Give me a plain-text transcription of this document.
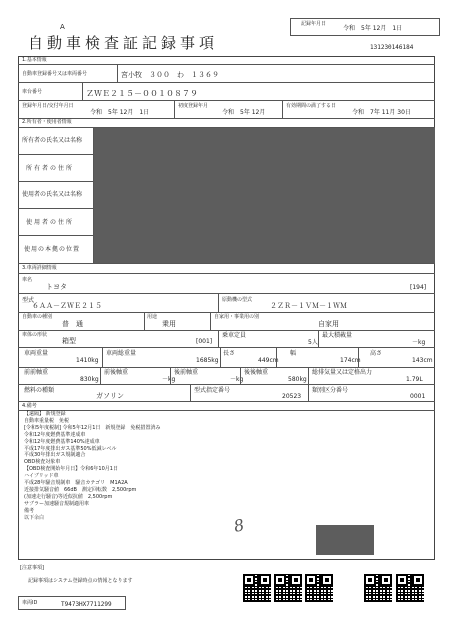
A
自動車検査証記録事項
記録年月日
令和　5年 12月　1日
131230146184
1.基本情報
自動車登録番号又は車両番号	宮小牧　３００　わ　１３６９
車台番号	ＺＷＥ２１５－００１０８７９
登録年月日/交付年月日
令和　5年 12月　1日
初度登録年月
令和　5年 12月
有効期間の満了する日
令和　7年 11月 30日
2.所有者・使用者情報
所有者の氏名又は名称
所有者の住所
使用者の氏名又は名称
使用者の住所
使用の本拠の位置
3.車両詳細情報
車名
トヨタ	[194]
型式
６ＡＡ－ＺＷＥ２１５
原動機の型式
２ＺＲ－１ＶＭ－１ＷＭ
自動車の種別
普　通
用途
乗用
自家用・事業用の別
自家用
車体の形状
箱型	[001]
乗車定員
5人
最大積載量
－kg
車両重量
1410kg
車両総重量
1685kg
長さ
449cm
幅
174cm
高さ
143cm
前前軸重
830kg
前後軸重
－kg
後前軸重
－kg
後後軸重
580kg
総排気量又は定格出力
1.79L
燃料の種類
ガソリン
型式指定番号
20523
類別区分番号
0001
4.備考
【遠隔】 新規登録
自動車重量税　免税
[令和5年度税制] 令和5年12月1日　新規登録　免税措置済み
令和12年度燃費基準達成車
令和12年度燃費基準140%達成車
平成17年度排出ガス基準50%低減レベル
平成30年排出ガス規制適合
OBD検査対象車
【OBD検査開始年月日】令和6年10月1日
ハイブリッド車
平成28年騒音規制車　騒音カテゴリ　M1A2A
近接排気騒音値　66dB　測定回転数　2,500rpm
(加速走行騒音)等近似抗値　2,500rpm
サブラー加速騒音規制適用車
備考
以下余白	8
[注意事項]
記録事項はシステム登録時点の情報となります
車両ID	T9473HX7711299
